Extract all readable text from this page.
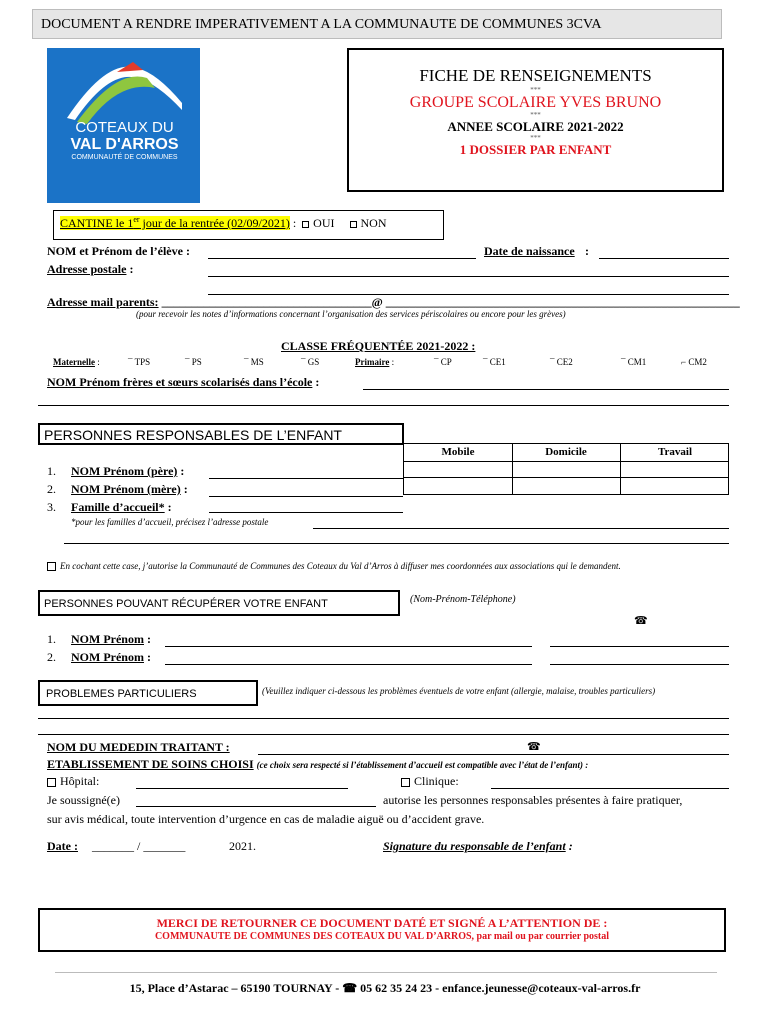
DOCUMENT A RENDRE IMPERATIVEMENT A LA COMMUNAUTE DE COMMUNES 3CVA
COTEAUX DU
VAL D'ARROS
COMMUNAUTÉ DE COMMUNES
FICHE DE RENSEIGNEMENTS
***
GROUPE SCOLAIRE YVES BRUNO
***
ANNEE SCOLAIRE 2021-2022
***
1 DOSSIER PAR ENFANT
CANTINE le 1er jour de la rentrée (02/09/2021) : OUI NON
NOM et Prénom de l’élève :	Date de naissance :
Adresse postale :
Adresse mail parents: ___________________________________@ ___________________________________________________________
(pour recevoir les notes d’informations concernant l’organisation des services périscolaires ou encore pour les grèves)
CLASSE FRÉQUENTÉE 2021-2022 :
Maternelle :	¯ TPS	¯ PS	¯ MS	¯ GS	Primaire :	¯ CP	¯ CE1	¯ CE2	¯ CM1	⌐ CM2
NOM Prénom frères et sœurs scolarisés dans l’école :
PERSONNES RESPONSABLES DE L’ENFANT
Mobile	Domicile	Travail
1. NOM Prénom (père) :
2. NOM Prénom (mère) :
3. Famille d’accueil* :
*pour les familles d’accueil, précisez l’adresse postale
En cochant cette case, j’autorise la Communauté de Communes des Coteaux du Val d’Arros à diffuser mes coordonnées aux associations qui le demandent.
PERSONNES POUVANT RÉCUPÉRER VOTRE ENFANT	(Nom-Prénom-Téléphone)
☎
1. NOM Prénom :
2. NOM Prénom :
PROBLEMES PARTICULIERS	(Veuillez indiquer ci-dessous les problèmes éventuels de votre enfant (allergie, malaise, troubles particuliers)
NOM DU MEDEDIN TRAITANT :	☎
ETABLISSEMENT DE SOINS CHOISI (ce choix sera respecté si l’établissement d’accueil est compatible avec l’état de l’enfant) :
Hôpital:	Clinique:
Je soussigné(e)	autorise les personnes responsables présentes à faire pratiquer,
sur avis médical, toute intervention d’urgence en cas de maladie aiguë ou d’accident grave.
Date : _______ / _______	2021.	Signature du responsable de l’enfant :
MERCI DE RETOURNER CE DOCUMENT DATÉ ET SIGNÉ A L’ATTENTION DE :
COMMUNAUTE DE COMMUNES DES COTEAUX DU VAL D’ARROS, par mail ou par courrier postal
15, Place d’Astarac – 65190 TOURNAY - ☎ 05 62 35 24 23 - enfance.jeunesse@coteaux-val-arros.fr
